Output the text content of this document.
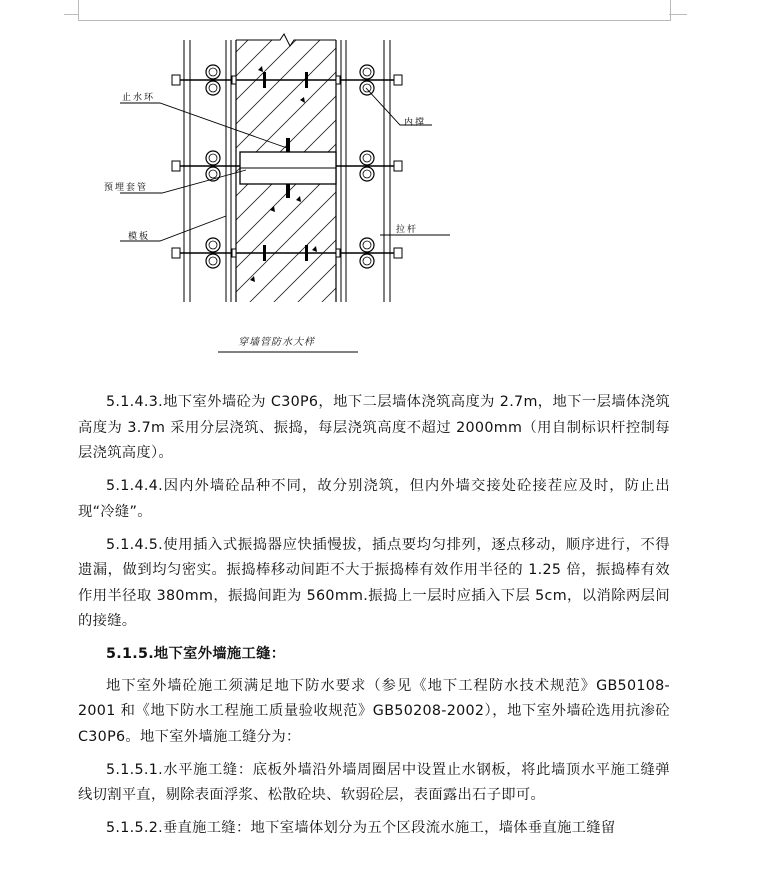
止水环
预埋套管
模板
内撑
拉杆
穿墙管防水大样

5.1.4.3.地下室外墙砼为 C30P6，地下二层墙体浇筑高度为 2.7m，地下一层墙体浇筑高度为 3.7m 采用分层浇筑、振捣，每层浇筑高度不超过 2000mm（用自制标识杆控制每层浇筑高度）。

5.1.4.4.因内外墙砼品种不同，故分别浇筑，但内外墙交接处砼接茬应及时，防止出现“冷缝”。

5.1.4.5.使用插入式振捣器应快插慢拔，插点要均匀排列，逐点移动，顺序进行，不得遗漏，做到均匀密实。振捣棒移动间距不大于振捣棒有效作用半径的 1.25 倍，振捣棒有效作用半径取 380mm，振捣间距为 560mm.振捣上一层时应插入下层 5cm，以消除两层间的接缝。

5.1.5.地下室外墙施工缝：

地下室外墙砼施工须满足地下防水要求（参见《地下工程防水技术规范》GB50108-2001 和《地下防水工程施工质量验收规范》GB50208-2002），地下室外墙砼选用抗渗砼 C30P6。地下室外墙施工缝分为：

5.1.5.1.水平施工缝：底板外墙沿外墙周圈居中设置止水钢板，将此墙顶水平施工缝弹线切割平直，剔除表面浮浆、松散砼块、软弱砼层，表面露出石子即可。

5.1.5.2.垂直施工缝：地下室墙体划分为五个区段流水施工，墙体垂直施工缝留
